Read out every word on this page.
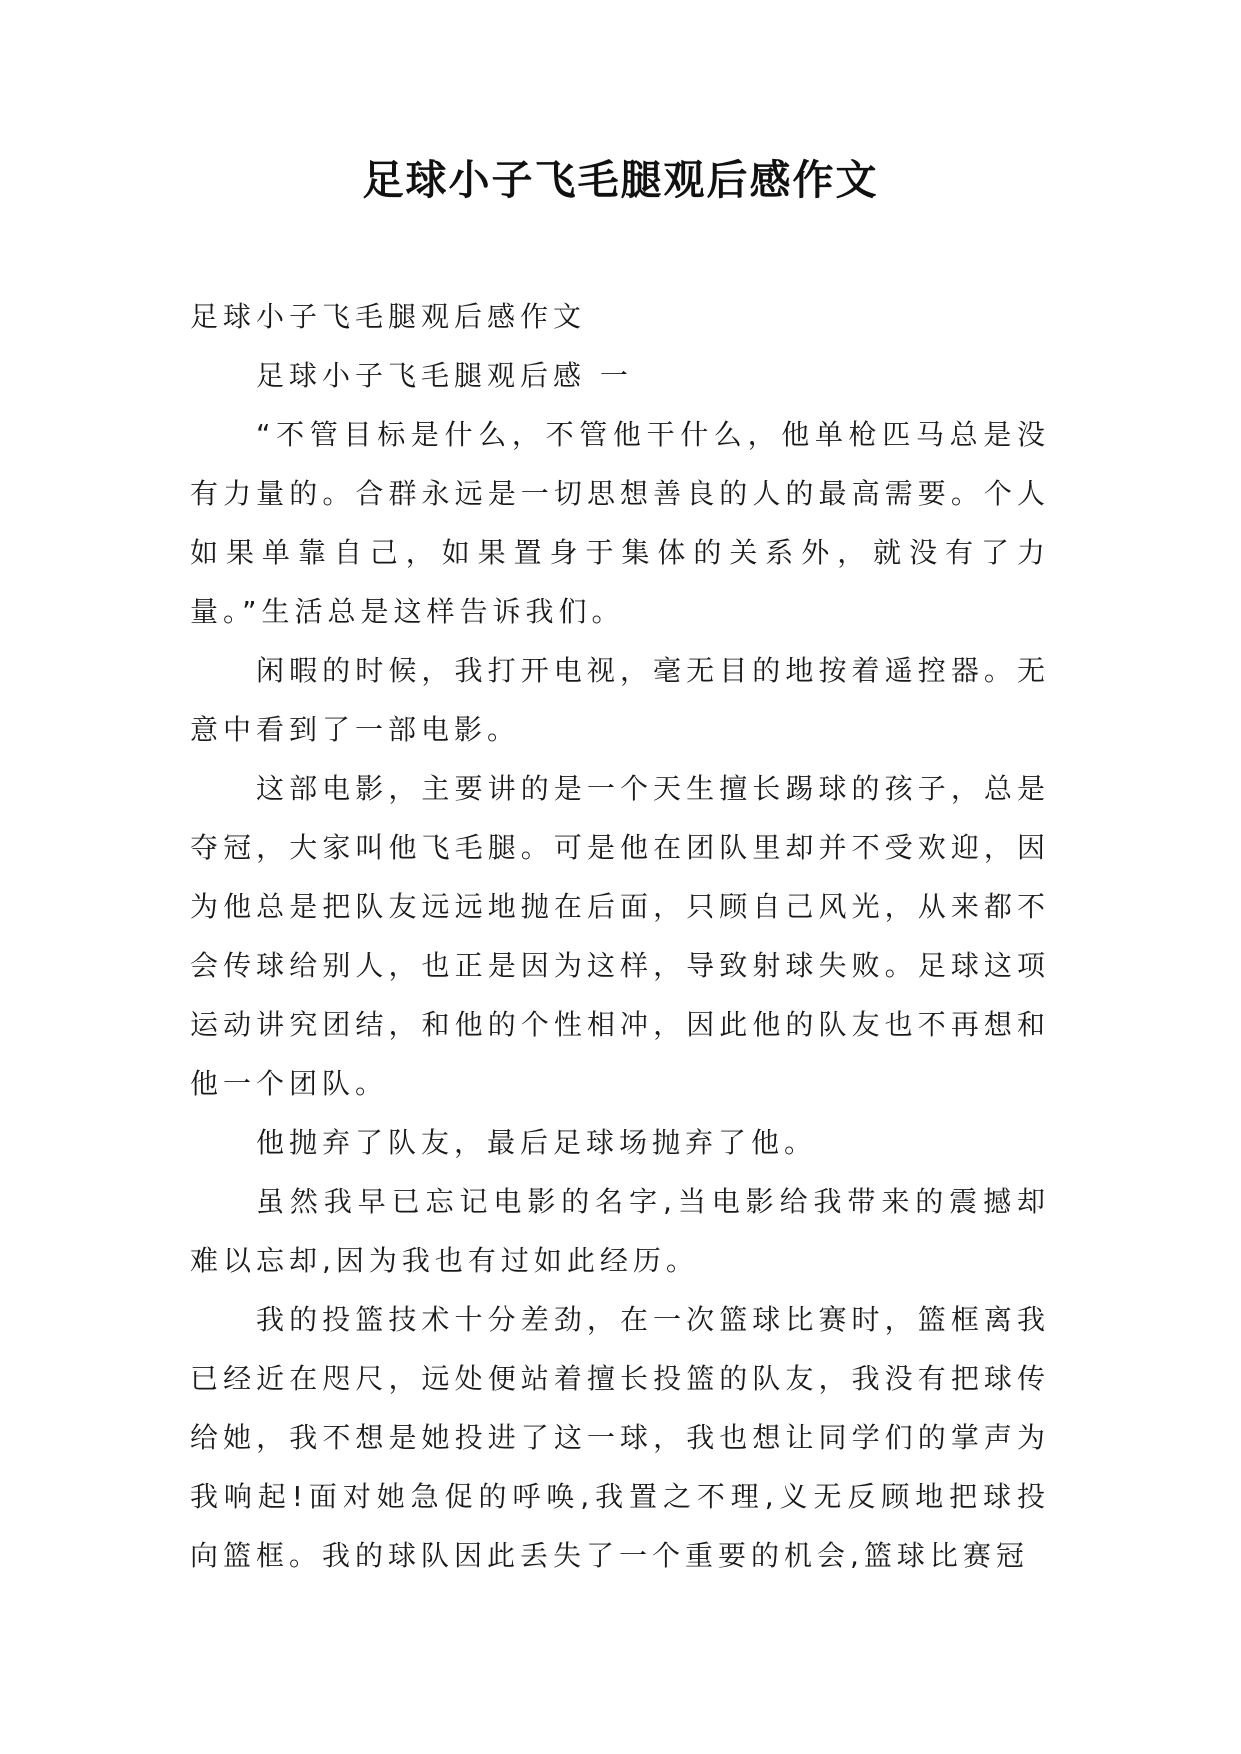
足球小子飞毛腿观后感作文

足球小子飞毛腿观后感作文

足球小子飞毛腿观后感 一

“不管目标是什么，不管他干什么，他单枪匹马总是没有力量的。合群永远是一切思想善良的人的最高需要。个人如果单靠自己，如果置身于集体的关系外，就没有了力量。”生活总是这样告诉我们。

闲暇的时候，我打开电视，毫无目的地按着遥控器。无意中看到了一部电影。

这部电影，主要讲的是一个天生擅长踢球的孩子，总是夺冠，大家叫他飞毛腿。可是他在团队里却并不受欢迎，因为他总是把队友远远地抛在后面，只顾自己风光，从来都不会传球给别人，也正是因为这样，导致射球失败。足球这项运动讲究团结，和他的个性相冲，因此他的队友也不再想和他一个团队。

他抛弃了队友，最后足球场抛弃了他。

虽然我早已忘记电影的名字,当电影给我带来的震撼却难以忘却,因为我也有过如此经历。

我的投篮技术十分差劲，在一次篮球比赛时，篮框离我已经近在咫尺，远处便站着擅长投篮的队友，我没有把球传给她，我不想是她投进了这一球，我也想让同学们的掌声为我响起!面对她急促的呼唤,我置之不理,义无反顾地把球投向篮框。我的球队因此丢失了一个重要的机会,篮球比赛冠
